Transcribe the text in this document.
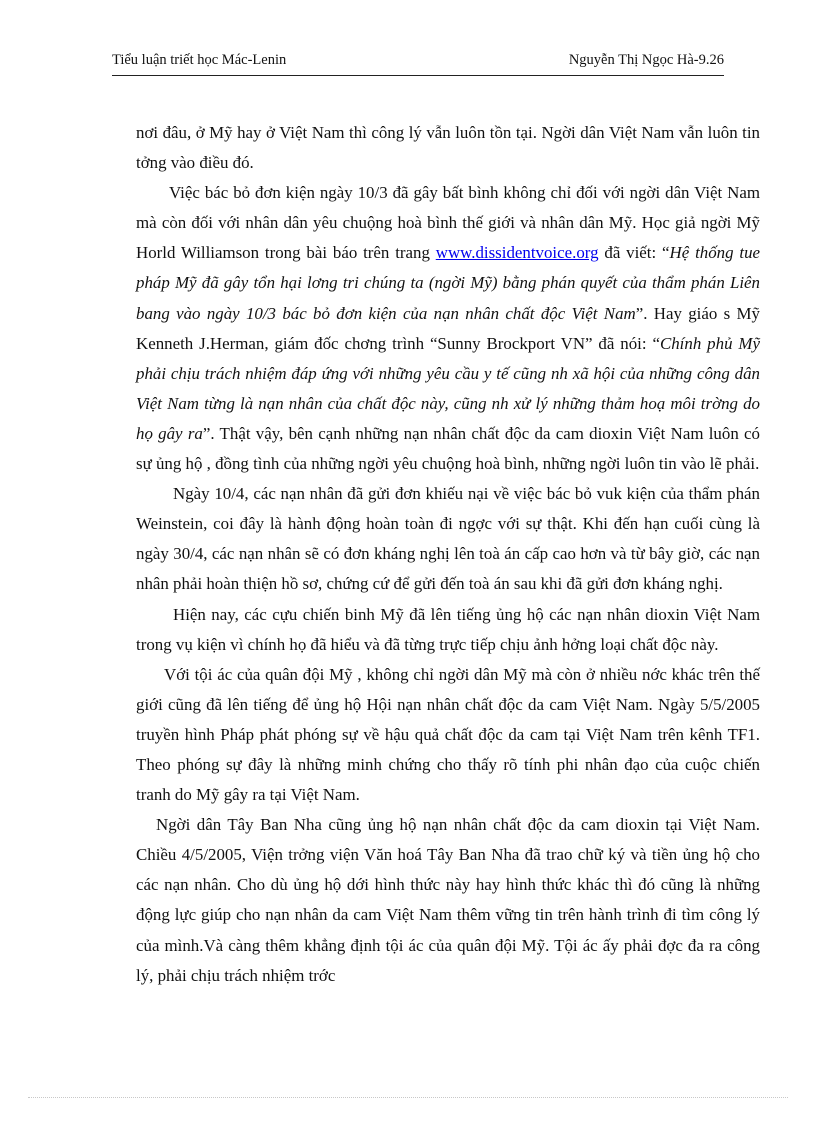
Tiểu luận triết học Mác-Lenin	Nguyễn Thị Ngọc Hà-9.26

nơi đâu, ở Mỹ hay ở Việt Nam thì công lý vẫn luôn tồn tại. Ngời dân Việt Nam vẫn luôn tin tởng vào điều đó.

Việc bác bỏ đơn kiện ngày 10/3 đã gây bất bình không chỉ đối với ngời dân Việt Nam mà còn đối với nhân dân yêu chuộng hoà bình thế giới và nhân dân Mỹ. Học giả ngời Mỹ Horld Williamson trong bài báo trên trang www.dissidentvoice.org đã viết: “Hệ thống tue pháp Mỹ đã gây tổn hại lơng tri chúng ta (ngời Mỹ) bằng phán quyết của thẩm phán Liên bang vào ngày 10/3 bác bỏ đơn kiện của nạn nhân chất độc Việt Nam”. Hay giáo s Mỹ Kenneth J.Herman, giám đốc chơng trình “Sunny Brockport VN” đã nói: “Chính phủ Mỹ phải chịu trách nhiệm đáp ứng với những yêu cầu y tế cũng nh xã hội của những công dân Việt Nam từng là nạn nhân của chất độc này, cũng nh xử lý những thảm hoạ môi trờng do họ gây ra”. Thật vậy, bên cạnh những nạn nhân chất độc da cam dioxin Việt Nam luôn có sự ủng hộ , đồng tình của những ngời yêu chuộng hoà bình, những ngời luôn tin vào lẽ phải.

Ngày 10/4, các nạn nhân đã gửi đơn khiếu nại về việc bác bỏ vuk kiện của thẩm phán Weinstein, coi đây là hành động hoàn toàn đi ngợc với sự thật. Khi đến hạn cuối cùng là ngày 30/4, các nạn nhân sẽ có đơn kháng nghị lên toà án cấp cao hơn và từ bây giờ, các nạn nhân phải hoàn thiện hồ sơ, chứng cứ để gửi đến toà án sau khi đã gửi đơn kháng nghị.

Hiện nay, các cựu chiến binh Mỹ đã lên tiếng ủng hộ các nạn nhân dioxin Việt Nam trong vụ kiện vì chính họ đã hiểu và đã từng trực tiếp chịu ảnh hởng loại chất độc này.

Với tội ác của quân đội Mỹ , không chỉ ngời dân Mỹ mà còn ở nhiều nớc khác trên thế giới cũng đã lên tiếng để ủng hộ Hội nạn nhân chất độc da cam Việt Nam. Ngày 5/5/2005 truyền hình Pháp phát phóng sự về hậu quả chất độc da cam tại Việt Nam trên kênh TF1. Theo phóng sự đây là những minh chứng cho thấy rõ tính phi nhân đạo của cuộc chiến tranh do Mỹ gây ra tại Việt Nam.

Ngời dân Tây Ban Nha cũng ủng hộ nạn nhân chất độc da cam dioxin tại Việt Nam. Chiều 4/5/2005, Viện trởng viện Văn hoá Tây Ban Nha đã trao chữ ký và tiền ủng hộ cho các nạn nhân. Cho dù ủng hộ dới hình thức này hay hình thức khác thì đó cũng là những động lực giúp cho nạn nhân da cam Việt Nam thêm vững tin trên hành trình đi tìm công lý của mình.Và càng thêm khẳng định tội ác của quân đội Mỹ. Tội ác ấy phải đợc đa ra công lý, phải chịu trách nhiệm trớc
